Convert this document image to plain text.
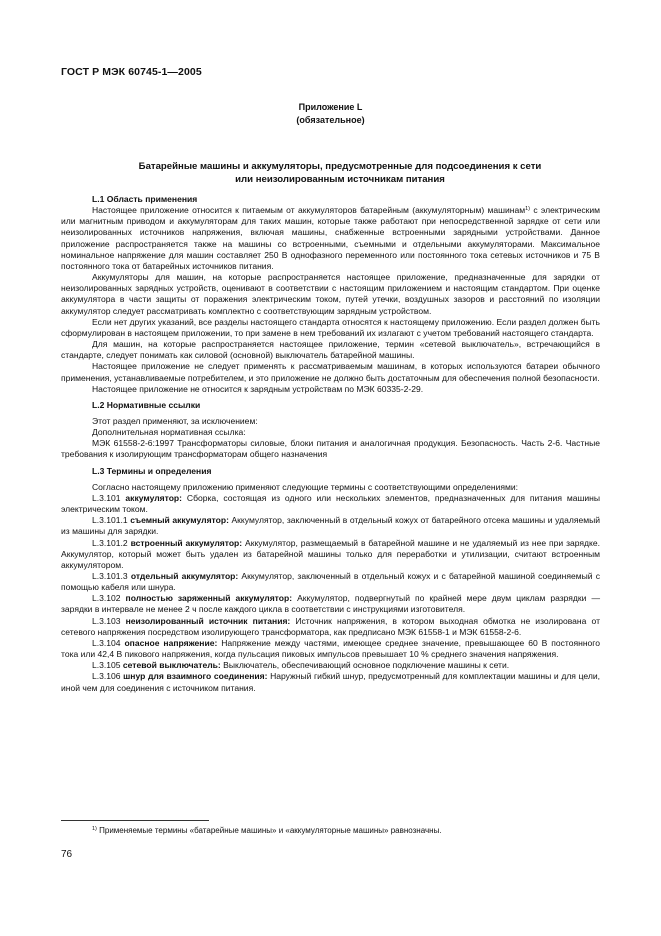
ГОСТ Р МЭК 60745-1—2005
Приложение L
(обязательное)
Батарейные машины и аккумуляторы, предусмотренные для подсоединения к сети
или неизолированным источникам питания
L.1 Область применения

Настоящее приложение относится к питаемым от аккумуляторов батарейным (аккумуляторным) машинам$^{1)}$ с электрическим или магнитным приводом и аккумуляторам для таких машин, которые также работают при непосредственной зарядке от сети или неизолированных источников напряжения, включая машины, снабженные встроенными зарядными устройствами. Данное приложение распространяется также на машины со встроенными, съемными и отдельными аккумуляторами. Максимальное номинальное напряжение для машин составляет 250 В однофазного переменного или постоянного тока сетевых источников и 75 В постоянного тока от батарейных источников питания.

Аккумуляторы для машин, на которые распространяется настоящее приложение, предназначенные для зарядки от неизолированных зарядных устройств, оценивают в соответствии с настоящим приложением и настоящим стандартом. При оценке аккумулятора в части защиты от поражения электрическим током, путей утечки, воздушных зазоров и расстояний по изоляции аккумулятор следует рассматривать комплектно с соответствующим зарядным устройством.

Если нет других указаний, все разделы настоящего стандарта относятся к настоящему приложению. Если раздел должен быть сформулирован в настоящем приложении, то при замене в нем требований их излагают с учетом требований настоящего стандарта.

Для машин, на которые распространяется настоящее приложение, термин «сетевой выключатель», встречающийся в стандарте, следует понимать как силовой (основной) выключатель батарейной машины.

Настоящее приложение не следует применять к рассматриваемым машинам, в которых используются батареи обычного применения, устанавливаемые потребителем, и это приложение не должно быть достаточным для обеспечения полной безопасности.

Настоящее приложение не относится к зарядным устройствам по МЭК 60335-2-29.

L.2 Нормативные ссылки

Этот раздел применяют, за исключением:

Дополнительная нормативная ссылка:

МЭК 61558-2-6:1997 Трансформаторы силовые, блоки питания и аналогичная продукция. Безопасность. Часть 2-6. Частные требования к изолирующим трансформаторам общего назначения

L.3 Термины и определения

Согласно настоящему приложению применяют следующие термины с соответствующими определениями:

L.3.101 аккумулятор: Сборка, состоящая из одного или нескольких элементов, предназначенных для питания машины электрическим током.

L.3.101.1 съемный аккумулятор: Аккумулятор, заключенный в отдельный кожух от батарейного отсека машины и удаляемый из машины для зарядки.

L.3.101.2 встроенный аккумулятор: Аккумулятор, размещаемый в батарейной машине и не удаляемый из нее при зарядке. Аккумулятор, который может быть удален из батарейной машины только для переработки и утилизации, считают встроенным аккумулятором.

L.3.101.3 отдельный аккумулятор: Аккумулятор, заключенный в отдельный кожух и с батарейной машиной соединяемый с помощью кабеля или шнура.

L.3.102 полностью заряженный аккумулятор: Аккумулятор, подвергнутый по крайней мере двум циклам разрядки — зарядки в интервале не менее 2 ч после каждого цикла в соответствии с инструкциями изготовителя.

L.3.103 неизолированный источник питания: Источник напряжения, в котором выходная обмотка не изолирована от сетевого напряжения посредством изолирующего трансформатора, как предписано МЭК 61558-1 и МЭК 61558-2-6.

L.3.104 опасное напряжение: Напряжение между частями, имеющее среднее значение, превышающее 60 В постоянного тока или 42,4 В пикового напряжения, когда пульсация пиковых импульсов превышает 10 % среднего значения напряжения.

L.3.105 сетевой выключатель: Выключатель, обеспечивающий основное подключение машины к сети.

L.3.106 шнур для взаимного соединения: Наружный гибкий шнур, предусмотренный для комплектации машины и для цели, иной чем для соединения с источником питания.

$^{1)}$ Применяемые термины «батарейные машины» и «аккумуляторные машины» равнозначны.
76
